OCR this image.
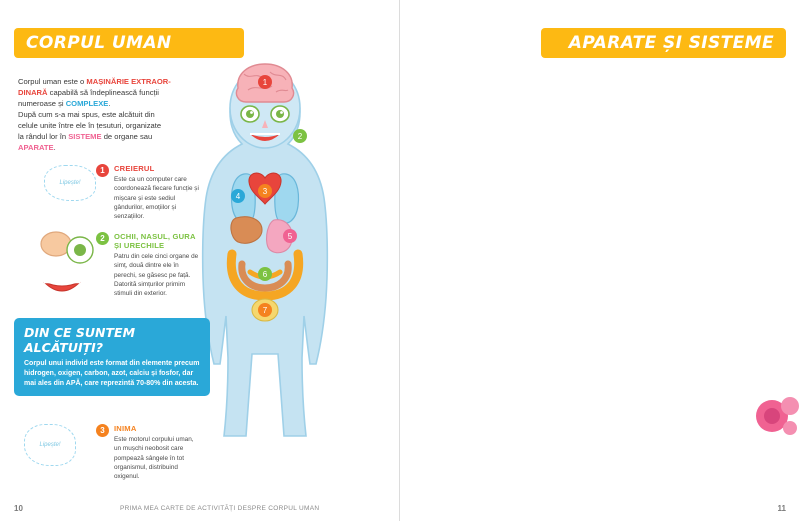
CORPUL UMAN
Corpul uman este o MAȘINĂRIE EXTRAOR-
DINARĂ capabilă să îndeplinească funcții
numeroase și COMPLEXE.
După cum s-a mai spus, este alcătuit din
celule unite între ele în țesuturi, organizate
la rândul lor în SISTEME de organe sau
APARATE.
1
2
3
4
5
6
7
Lipește!
1	CREIERUL
Este ca un computer care coordonează fiecare funcție și mișcare și este sediul gândurilor, emoțiilor și senzațiilor.
2	OCHII, NASUL, GURA ȘI URECHILE
Patru din cele cinci organe de simț, două dintre ele în perechi, se găsesc pe față. Datorită simțurilor primim stimuli din exterior.
3	INIMA
Este motorul corpului uman, un mușchi neobosit care pompează sângele în tot organismul, distribuind oxigenul.
Lipește!
DIN CE SUNTEM ALCĂTUIȚI?

Corpul unui individ este format din elemente precum hidrogen, oxigen, carbon, azot, calciu și fosfor, dar mai ales din APĂ, care reprezintă 70-80% din acesta.

10	PRIMA MEA CARTE DE ACTIVITĂȚI DESPRE CORPUL UMAN
APARATE ȘI SISTEME

11
